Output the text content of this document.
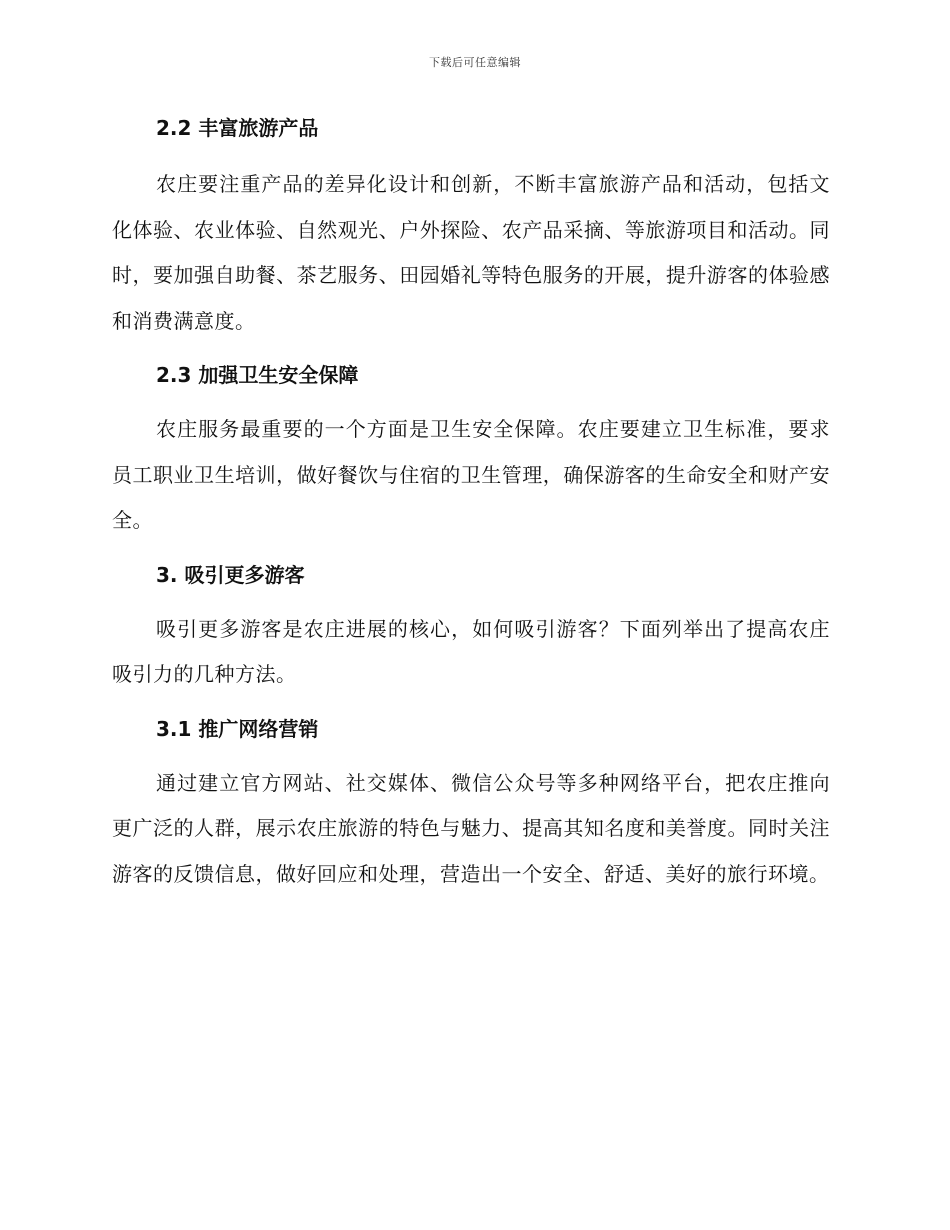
下载后可任意编辑
2.2 丰富旅游产品

农庄要注重产品的差异化设计和创新，不断丰富旅游产品和活动，包括文化体验、农业体验、自然观光、户外探险、农产品采摘、等旅游项目和活动。同时，要加强自助餐、茶艺服务、田园婚礼等特色服务的开展，提升游客的体验感和消费满意度。

2.3 加强卫生安全保障

农庄服务最重要的一个方面是卫生安全保障。农庄要建立卫生标准，要求员工职业卫生培训，做好餐饮与住宿的卫生管理，确保游客的生命安全和财产安全。

3. 吸引更多游客

吸引更多游客是农庄进展的核心，如何吸引游客？下面列举出了提高农庄吸引力的几种方法。

3.1 推广网络营销

通过建立官方网站、社交媒体、微信公众号等多种网络平台，把农庄推向更广泛的人群，展示农庄旅游的特色与魅力、提高其知名度和美誉度。同时关注游客的反馈信息，做好回应和处理，营造出一个安全、舒适、美好的旅行环境。
